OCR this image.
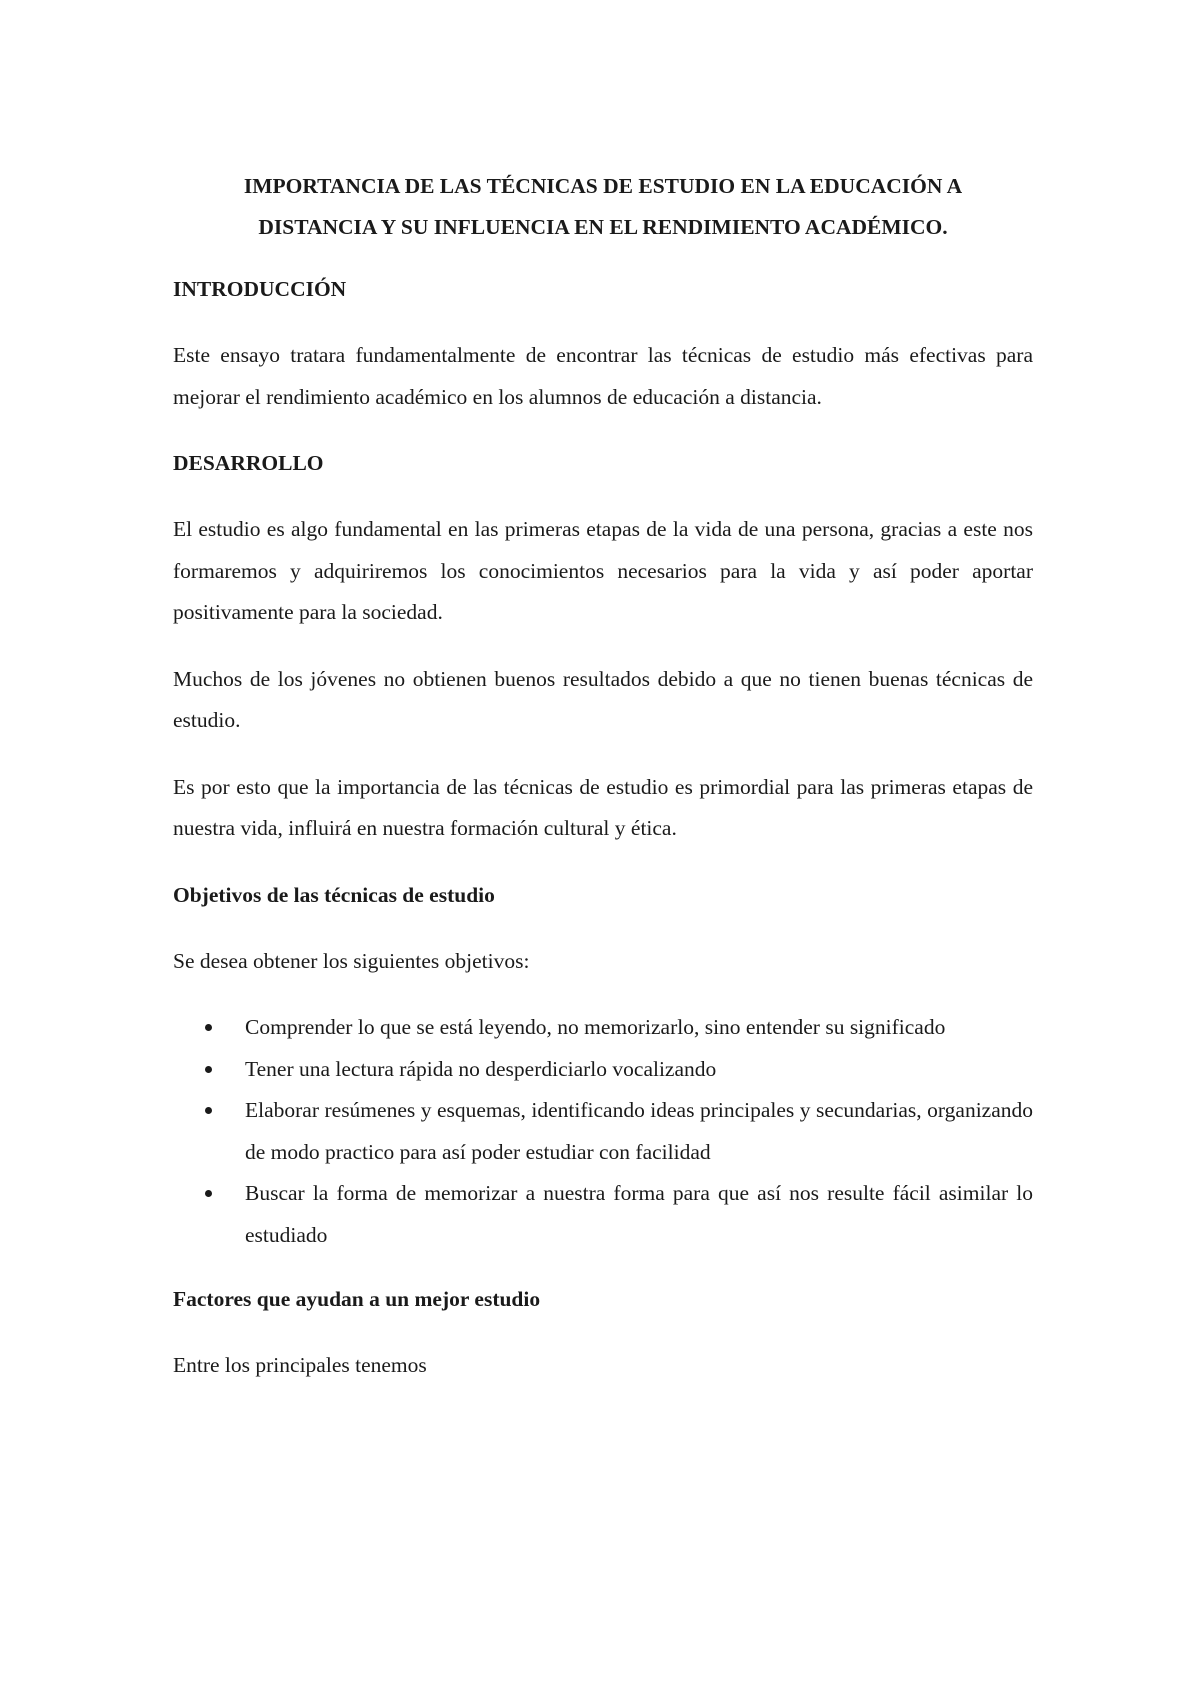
IMPORTANCIA DE LAS TÉCNICAS DE ESTUDIO EN LA EDUCACIÓN A
DISTANCIA Y SU INFLUENCIA EN EL RENDIMIENTO ACADÉMICO.
INTRODUCCIÓN

Este ensayo tratara fundamentalmente de encontrar las técnicas de estudio más efectivas para mejorar el rendimiento académico en los alumnos de educación a distancia.

DESARROLLO

El estudio es algo fundamental en las primeras etapas de la vida de una persona, gracias a este nos formaremos y adquiriremos los conocimientos necesarios para la vida y así poder aportar positivamente para la sociedad.

Muchos de los jóvenes no obtienen buenos resultados debido a que no tienen buenas técnicas de estudio.

Es por esto que la importancia de las técnicas de estudio es primordial para las primeras etapas de nuestra vida, influirá en nuestra formación cultural y ética.

Objetivos de las técnicas de estudio

Se desea obtener los siguientes objetivos:

Comprender lo que se está leyendo, no memorizarlo, sino entender su significado
Tener una lectura rápida no desperdiciarlo vocalizando
Elaborar resúmenes y esquemas, identificando ideas principales y secundarias, organizando de modo practico para así poder estudiar con facilidad
Buscar la forma de memorizar a nuestra forma para que así nos resulte fácil asimilar lo estudiado
Factores que ayudan a un mejor estudio

Entre los principales tenemos
